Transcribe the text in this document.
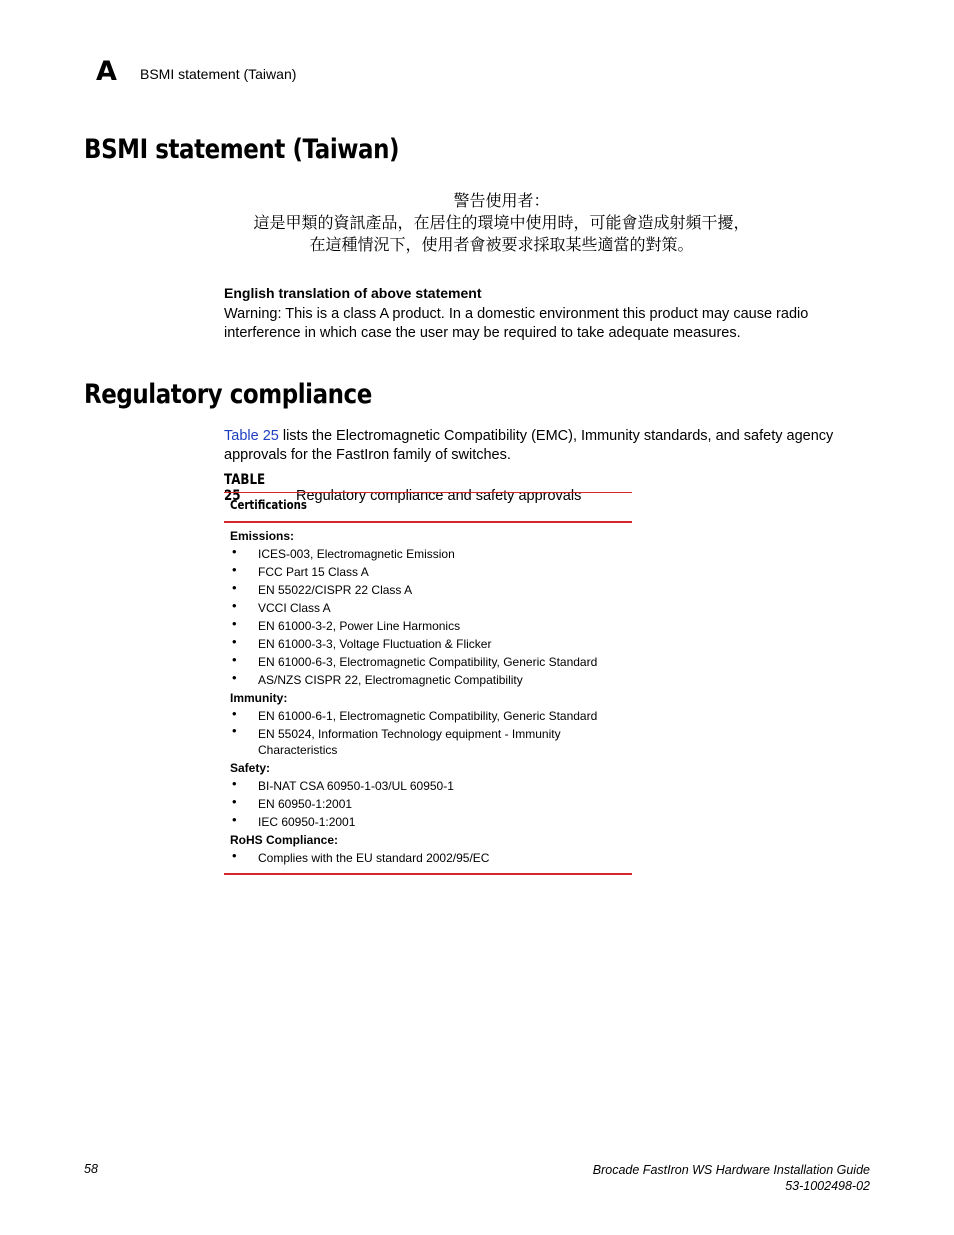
A BSMI statement (Taiwan)
BSMI statement (Taiwan)
警告使用者：
這是甲類的資訊產品，在居住的環境中使用時，可能會造成射頻干擾，
在這種情況下，使用者會被要求採取某些適當的對策。
English translation of above statement
Warning: This is a class A product. In a domestic environment this product may cause radio interference in which case the user may be required to take adequate measures.
Regulatory compliance
Table 25 lists the Electromagnetic Compatibility (EMC), Immunity standards, and safety agency approvals for the FastIron family of switches.
TABLE 25	Regulatory compliance and safety approvals
Certifications
Emissions:
• ICES-003, Electromagnetic Emission
• FCC Part 15 Class A
• EN 55022/CISPR 22 Class A
• VCCI Class A
• EN 61000-3-2, Power Line Harmonics
• EN 61000-3-3, Voltage Fluctuation & Flicker
• EN 61000-6-3, Electromagnetic Compatibility, Generic Standard
• AS/NZS CISPR 22, Electromagnetic Compatibility
Immunity:
• EN 61000-6-1, Electromagnetic Compatibility, Generic Standard
• EN 55024, Information Technology equipment - Immunity Characteristics
Safety:
• BI-NAT CSA 60950-1-03/UL 60950-1
• EN 60950-1:2001
• IEC 60950-1:2001
RoHS Compliance:
• Complies with the EU standard 2002/95/EC
58	Brocade FastIron WS Hardware Installation Guide
53-1002498-02
